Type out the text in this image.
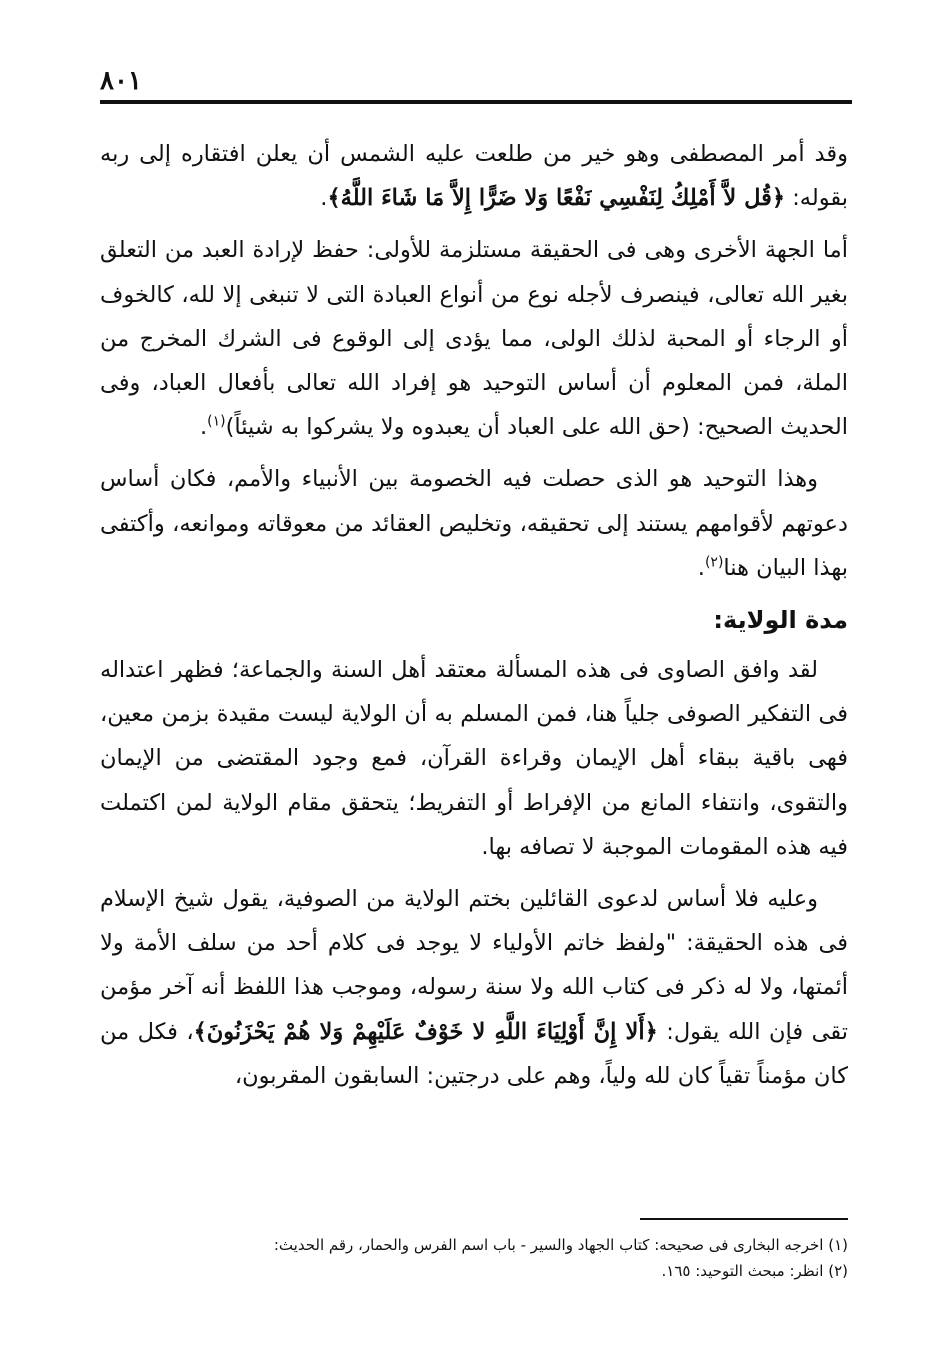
٨٠١

وقد أمر المصطفى وهو خير من طلعت عليه الشمس أن يعلن افتقاره إلى ربه بقوله: ﴿قُل لاَّ أَمْلِكُ لِنَفْسِي نَفْعًا وَلا ضَرًّا إِلاَّ مَا شَاءَ اللَّهُ﴾.

أما الجهة الأخرى وهى فى الحقيقة مستلزمة للأولى: حفظ لإرادة العبد من التعلق بغير الله تعالى، فينصرف لأجله نوع من أنواع العبادة التى لا تنبغى إلا لله، كالخوف أو الرجاء أو المحبة لذلك الولى، مما يؤدى إلى الوقوع فى الشرك المخرج من الملة، فمن المعلوم أن أساس التوحيد هو إفراد الله تعالى بأفعال العباد، وفى الحديث الصحيح: (حق الله على العباد أن يعبدوه ولا يشركوا به شيئاً)$^{(١)}$.

وهذا التوحيد هو الذى حصلت فيه الخصومة بين الأنبياء والأمم، فكان أساس دعوتهم لأقوامهم يستند إلى تحقيقه، وتخليص العقائد من معوقاته وموانعه، وأكتفى بهذا البيان هنا$^{(٢)}$.

مدة الولاية:

لقد وافق الصاوى فى هذه المسألة معتقد أهل السنة والجماعة؛ فظهر اعتداله فى التفكير الصوفى جلياً هنا، فمن المسلم به أن الولاية ليست مقيدة بزمن معين، فهى باقية ببقاء أهل الإيمان وقراءة القرآن، فمع وجود المقتضى من الإيمان والتقوى، وانتفاء المانع من الإفراط أو التفريط؛ يتحقق مقام الولاية لمن اكتملت فيه هذه المقومات الموجبة لا تصافه بها.

وعليه فلا أساس لدعوى القائلين بختم الولاية من الصوفية، يقول شيخ الإسلام فى هذه الحقيقة: "ولفظ خاتم الأولياء لا يوجد فى كلام أحد من سلف الأمة ولا أئمتها، ولا له ذكر فى كتاب الله ولا سنة رسوله، وموجب هذا اللفظ أنه آخر مؤمن تقى فإن الله يقول: ﴿أَلا إِنَّ أَوْلِيَاءَ اللَّهِ لا خَوْفٌ عَلَيْهِمْ وَلا هُمْ يَحْزَنُونَ﴾، فكل من كان مؤمناً تقياً كان لله ولياً، وهم على درجتين: السابقون المقربون،

(١) اخرجه البخارى فى صحيحه: كتاب الجهاد والسير - باب اسم الفرس والحمار، رقم الحديث:

(٢) انظر: مبحث التوحيد: ١٦٥.
